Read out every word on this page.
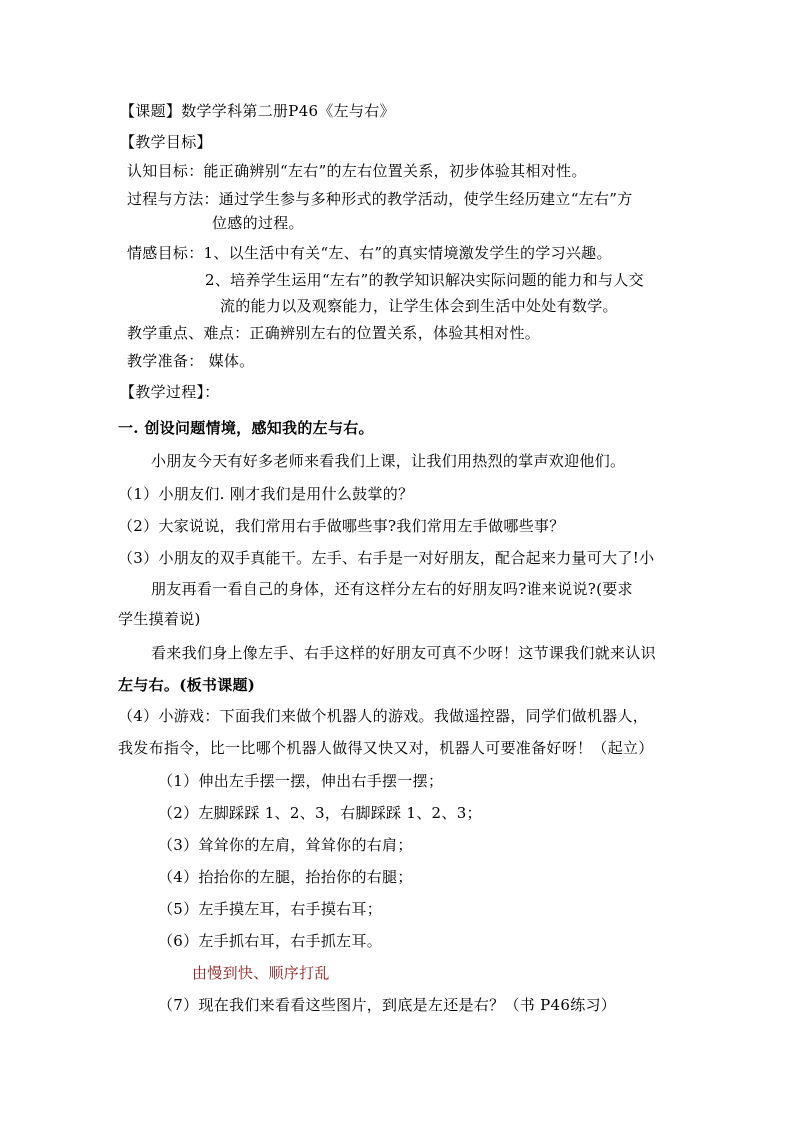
【课题】数学学科第二册P46《左与右》
【教学目标】
认知目标：能正确辨别“左右”的左右位置关系，初步体验其相对性。
过程与方法：通过学生参与多种形式的教学活动，使学生经历建立“左右”方
位感的过程。
情感目标：1、以生活中有关“左、右”的真实情境激发学生的学习兴趣。
2、培养学生运用“左右”的教学知识解决实际问题的能力和与人交
流的能力以及观察能力，让学生体会到生活中处处有数学。
教学重点、难点：正确辨别左右的位置关系，体验其相对性。
教学准备： 媒体。
【教学过程】：
一. 创设问题情境，感知我的左与右。
小朋友今天有好多老师来看我们上课，让我们用热烈的掌声欢迎他们。
（1）小朋友们. 刚才我们是用什么鼓掌的？
（2）大家说说，我们常用右手做哪些事?我们常用左手做哪些事？
（3）小朋友的双手真能干。左手、右手是一对好朋友，配合起来力量可大了!小
朋友再看一看自己的身体，还有这样分左右的好朋友吗?谁来说说?(要求
学生摸着说)
看来我们身上像左手、右手这样的好朋友可真不少呀！这节课我们就来认识
左与右。(板书课题)
（4）小游戏：下面我们来做个机器人的游戏。我做遥控器，同学们做机器人，
我发布指令，比一比哪个机器人做得又快又对，机器人可要准备好呀！（起立）
（1）伸出左手摆一摆，伸出右手摆一摆；
（2）左脚踩踩 1、2、3，右脚踩踩 1、2、3；
（3）耸耸你的左肩，耸耸你的右肩；
（4）抬抬你的左腿，抬抬你的右腿；
（5）左手摸左耳，右手摸右耳；
（6）左手抓右耳，右手抓左耳。
由慢到快、顺序打乱
（7）现在我们来看看这些图片，到底是左还是右？（书 P46练习）
